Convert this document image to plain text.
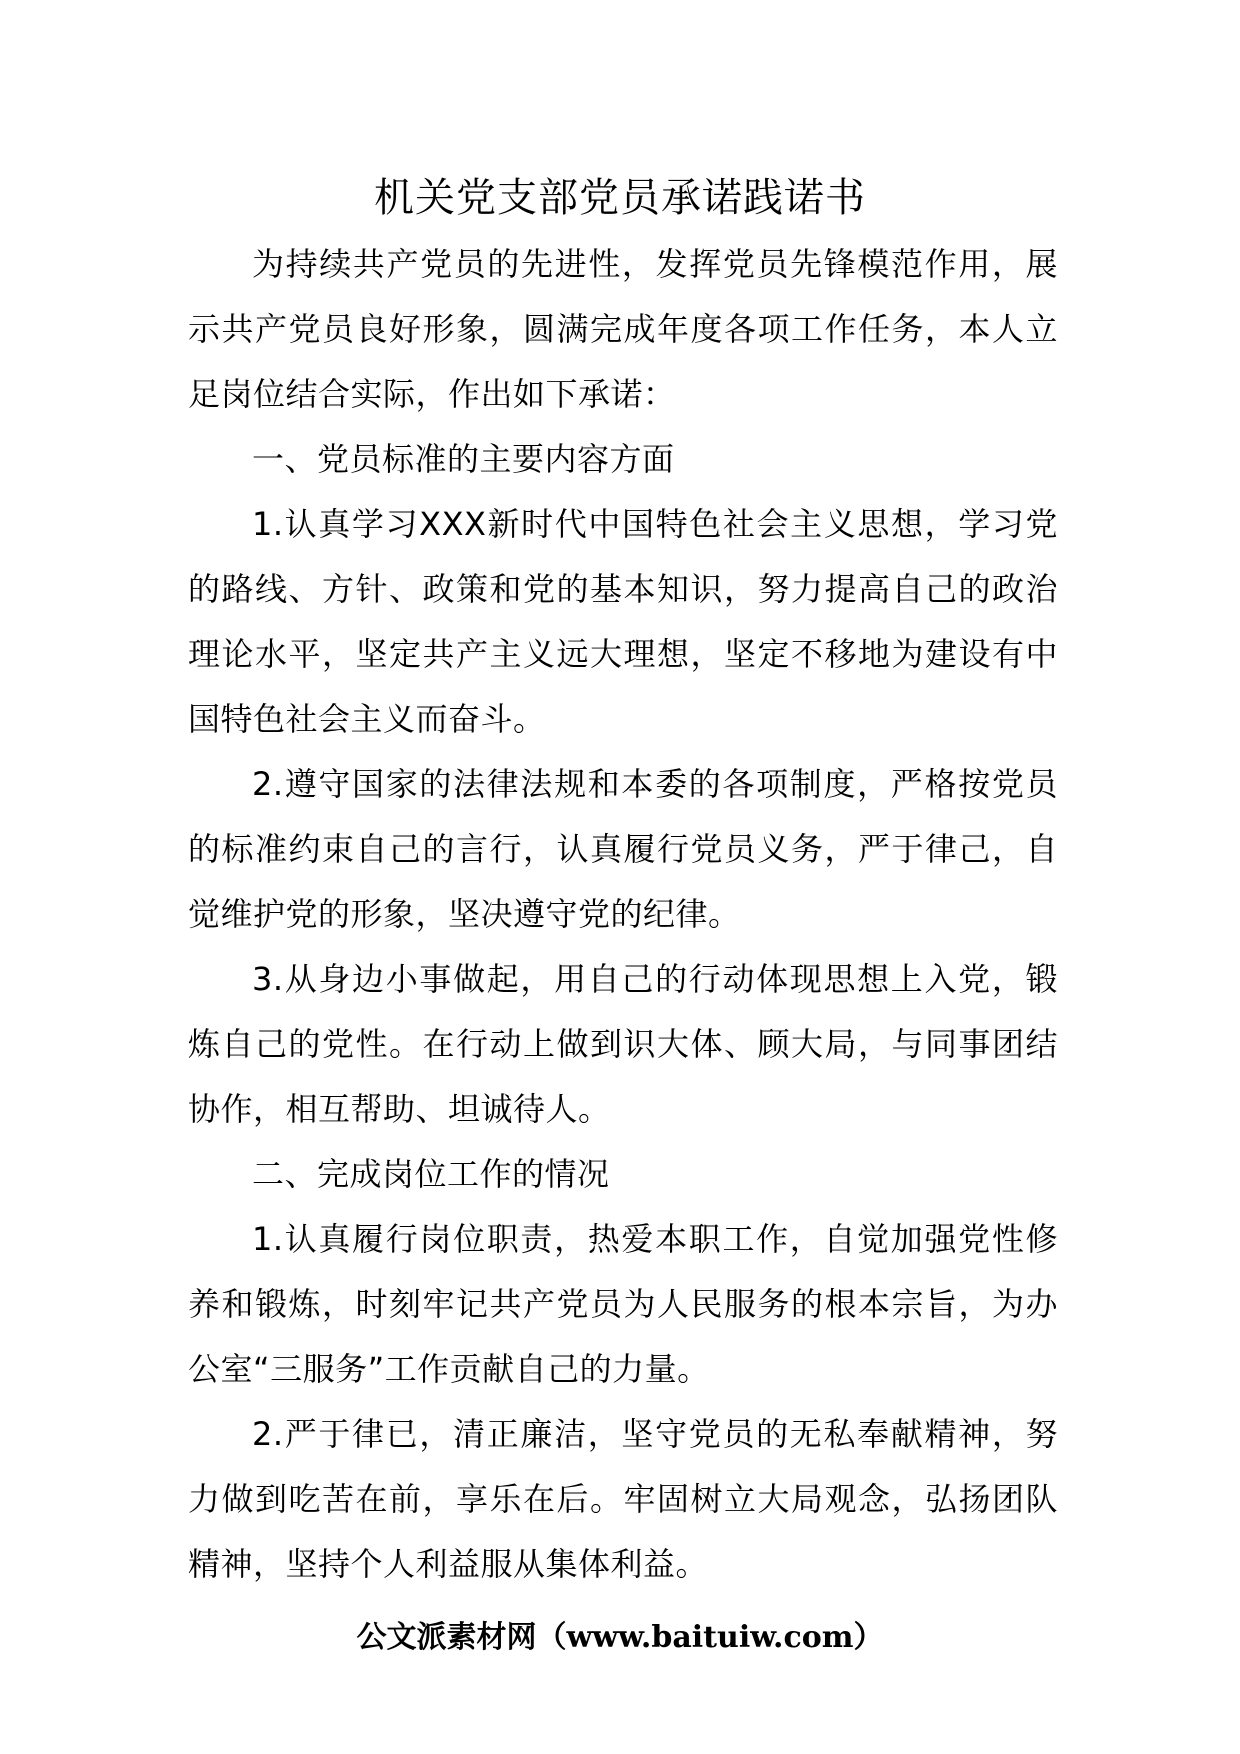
机关党支部党员承诺践诺书

为持续共产党员的先进性，发挥党员先锋模范作用，展示共产党员良好形象，圆满完成年度各项工作任务，本人立足岗位结合实际，作出如下承诺：

一、党员标准的主要内容方面

1.认真学习XXX新时代中国特色社会主义思想，学习党的路线、方针、政策和党的基本知识，努力提高自己的政治理论水平，坚定共产主义远大理想，坚定不移地为建设有中国特色社会主义而奋斗。

2.遵守国家的法律法规和本委的各项制度，严格按党员的标准约束自己的言行，认真履行党员义务，严于律己，自觉维护党的形象，坚决遵守党的纪律。

3.从身边小事做起，用自己的行动体现思想上入党，锻炼自己的党性。在行动上做到识大体、顾大局，与同事团结协作，相互帮助、坦诚待人。

二、完成岗位工作的情况

1.认真履行岗位职责，热爱本职工作，自觉加强党性修养和锻炼，时刻牢记共产党员为人民服务的根本宗旨，为办公室“三服务”工作贡献自己的力量。

2.严于律已，清正廉洁，坚守党员的无私奉献精神，努力做到吃苦在前，享乐在后。牢固树立大局观念，弘扬团队精神，坚持个人利益服从集体利益。

公文派素材网（www.baituiw.com）
